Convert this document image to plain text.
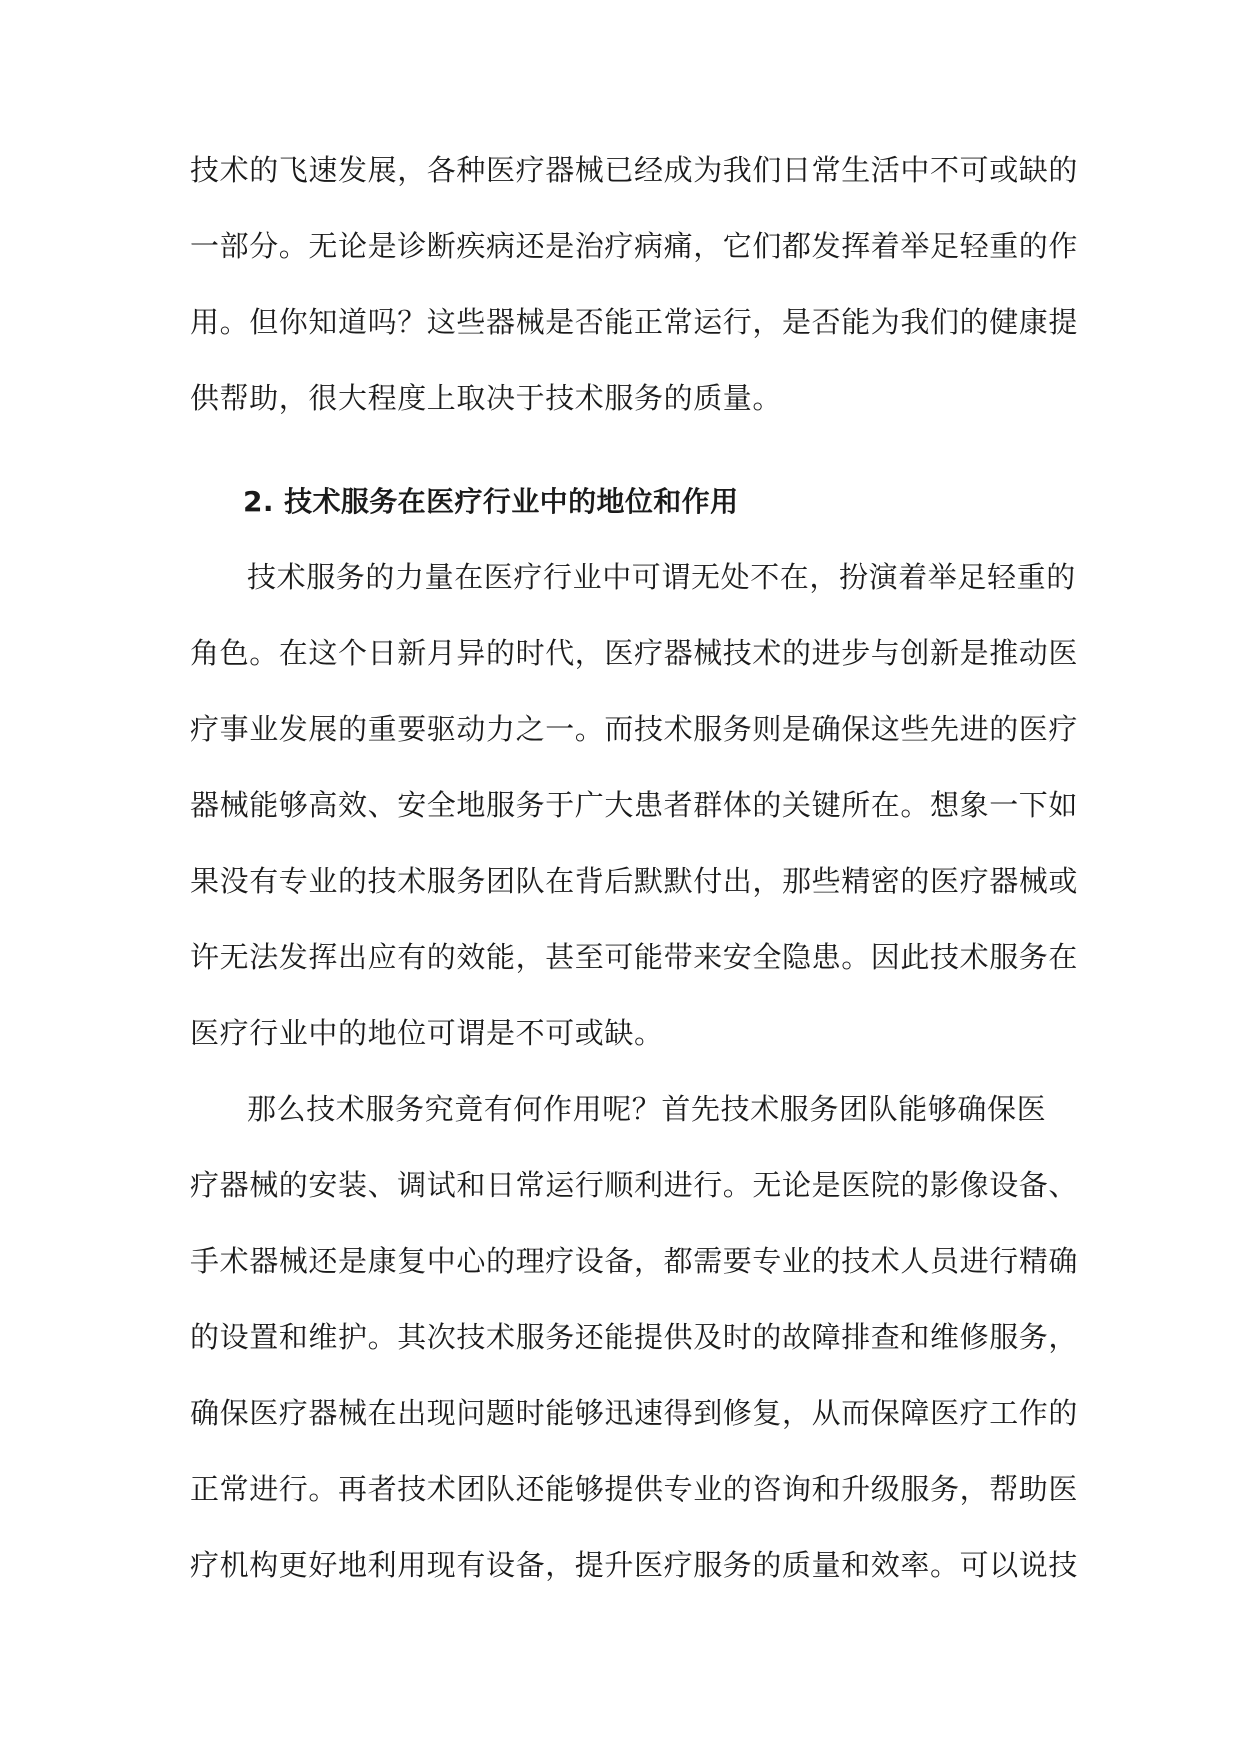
技术的飞速发展，各种医疗器械已经成为我们日常生活中不可或缺的
一部分。无论是诊断疾病还是治疗病痛，它们都发挥着举足轻重的作
用。但你知道吗？这些器械是否能正常运行，是否能为我们的健康提
供帮助，很大程度上取决于技术服务的质量。
2. 技术服务在医疗行业中的地位和作用
技术服务的力量在医疗行业中可谓无处不在，扮演着举足轻重的
角色。在这个日新月异的时代，医疗器械技术的进步与创新是推动医
疗事业发展的重要驱动力之一。而技术服务则是确保这些先进的医疗
器械能够高效、安全地服务于广大患者群体的关键所在。想象一下如
果没有专业的技术服务团队在背后默默付出，那些精密的医疗器械或
许无法发挥出应有的效能，甚至可能带来安全隐患。因此技术服务在
医疗行业中的地位可谓是不可或缺。
那么技术服务究竟有何作用呢？首先技术服务团队能够确保医
疗器械的安装、调试和日常运行顺利进行。无论是医院的影像设备、
手术器械还是康复中心的理疗设备，都需要专业的技术人员进行精确
的设置和维护。其次技术服务还能提供及时的故障排查和维修服务，
确保医疗器械在出现问题时能够迅速得到修复，从而保障医疗工作的
正常进行。再者技术团队还能够提供专业的咨询和升级服务，帮助医
疗机构更好地利用现有设备，提升医疗服务的质量和效率。可以说技
